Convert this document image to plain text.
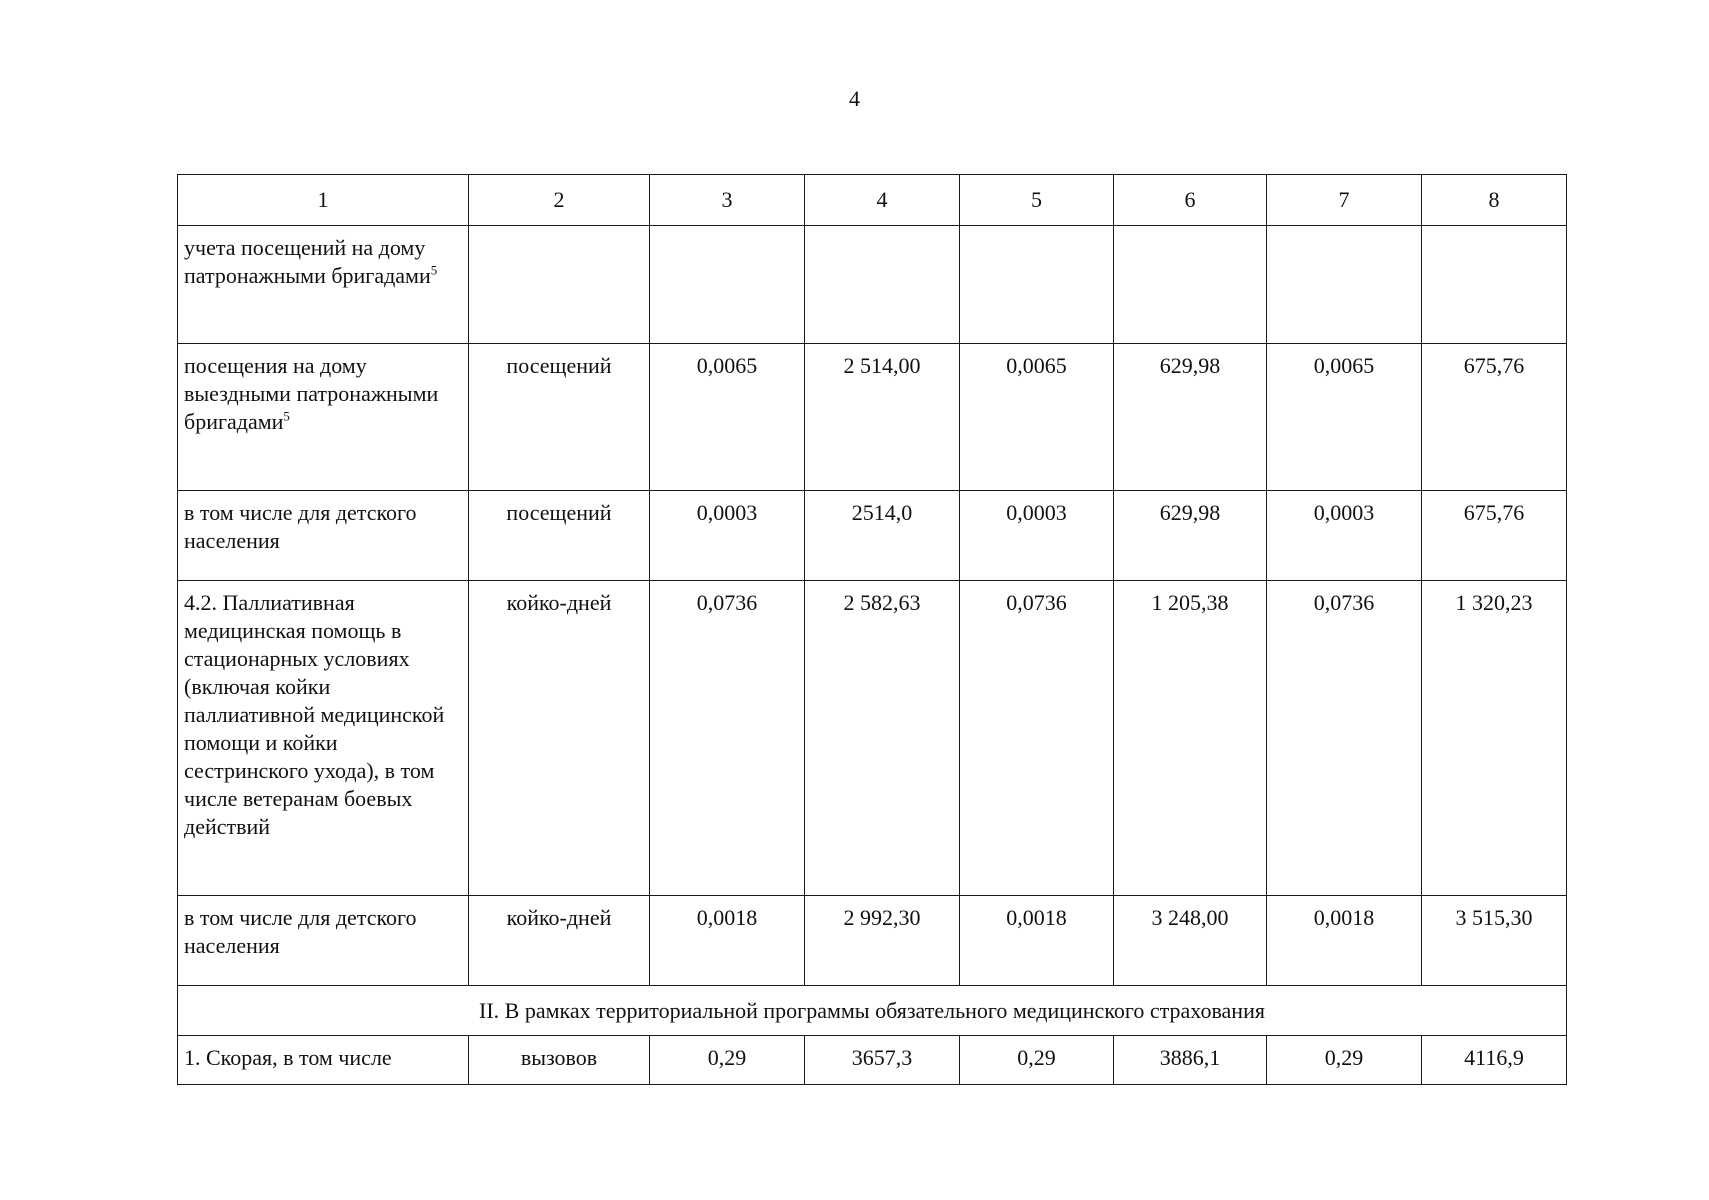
4
1	2	3	4	5	6	7	8
учета посещений на дому патронажными бригадами$^5$							
посещения на дому выездными патронажными бригадами$^5$	посещений	0,0065	2 514,00	0,0065	629,98	0,0065	675,76
в том числе для детского населения	посещений	0,0003	2514,0	0,0003	629,98	0,0003	675,76
4.2. Паллиативная медицинская помощь в стационарных условиях (включая койки паллиативной медицинской помощи и койки сестринского ухода), в том числе ветеранам боевых действий	койко-дней	0,0736	2 582,63	0,0736	1 205,38	0,0736	1 320,23
в том числе для детского населения	койко-дней	0,0018	2 992,30	0,0018	3 248,00	0,0018	3 515,30
II. В рамках территориальной программы обязательного медицинского страхования							
1. Скорая, в том числе	вызовов	0,29	3657,3	0,29	3886,1	0,29	4116,9
